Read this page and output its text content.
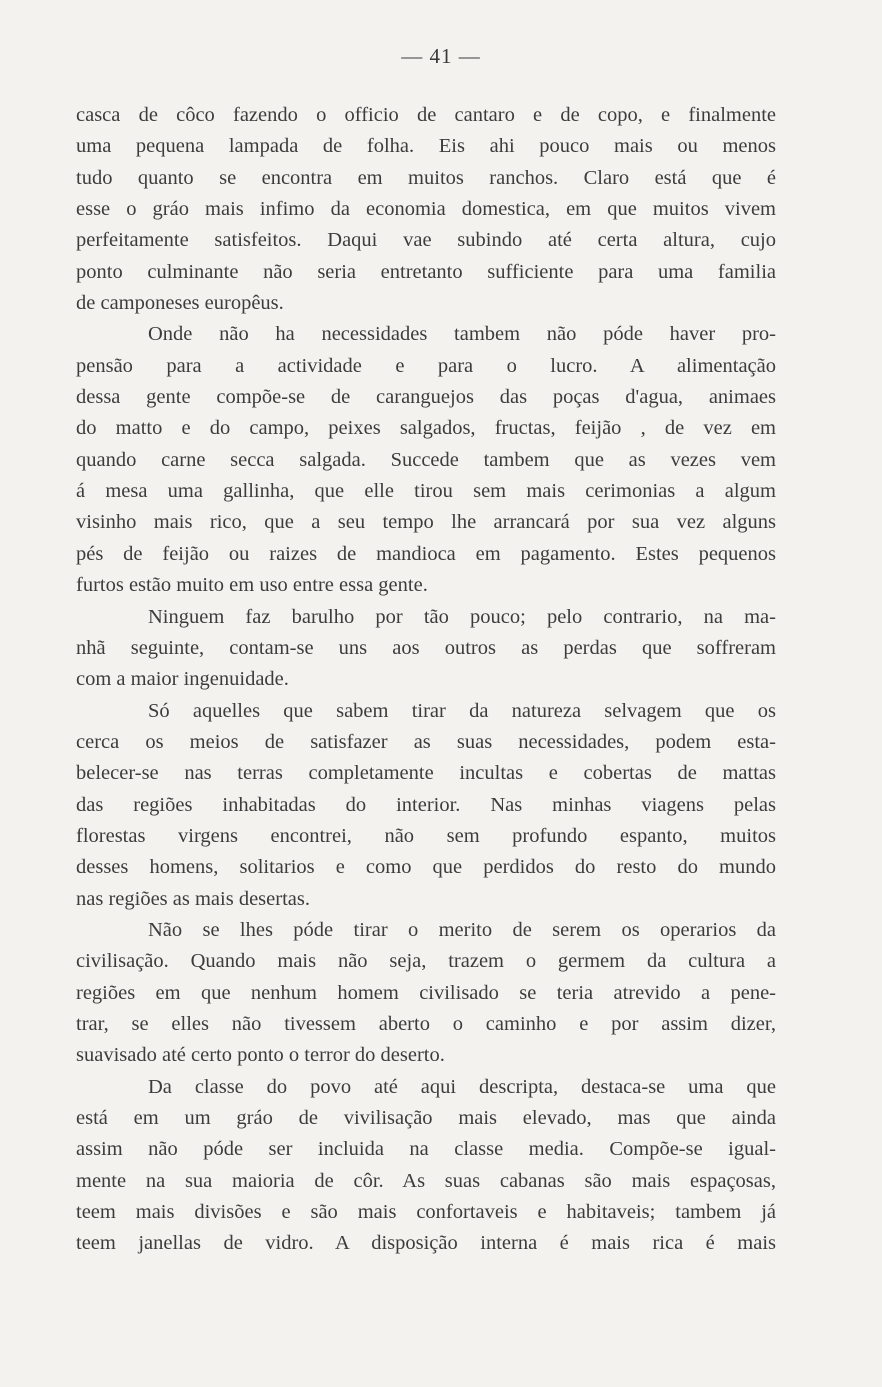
— 41 —
casca de côco fazendo o officio de cantaro e de copo, e finalmente
uma pequena lampada de folha. Eis ahi pouco mais ou menos
tudo quanto se encontra em muitos ranchos. Claro está que é
esse o gráo mais infimo da economia domestica, em que muitos vivem
perfeitamente satisfeitos. Daqui vae subindo até certa altura, cujo
ponto culminante não seria entretanto sufficiente para uma familia
de camponeses europêus.
Onde não ha necessidades tambem não póde haver pro-
pensão para a actividade e para o lucro. A alimentação
dessa gente compõe-se de caranguejos das poças d'agua, animaes
do matto e do campo, peixes salgados, fructas, feijão , de vez em
quando carne secca salgada. Succede tambem que as vezes vem
á mesa uma gallinha, que elle tirou sem mais cerimonias a algum
visinho mais rico, que a seu tempo lhe arrancará por sua vez alguns
pés de feijão ou raizes de mandioca em pagamento. Estes pequenos
furtos estão muito em uso entre essa gente.
Ninguem faz barulho por tão pouco; pelo contrario, na ma-
nhã seguinte, contam-se uns aos outros as perdas que soffreram
com a maior ingenuidade.
Só aquelles que sabem tirar da natureza selvagem que os
cerca os meios de satisfazer as suas necessidades, podem esta-
belecer-se nas terras completamente incultas e cobertas de mattas
das regiões inhabitadas do interior. Nas minhas viagens pelas
florestas virgens encontrei, não sem profundo espanto, muitos
desses homens, solitarios e como que perdidos do resto do mundo
nas regiões as mais desertas.
Não se lhes póde tirar o merito de serem os operarios da
civilisação. Quando mais não seja, trazem o germem da cultura a
regiões em que nenhum homem civilisado se teria atrevido a pene-
trar, se elles não tivessem aberto o caminho e por assim dizer,
suavisado até certo ponto o terror do deserto.
Da classe do povo até aqui descripta, destaca-se uma que
está em um gráo de vivilisação mais elevado, mas que ainda
assim não póde ser incluida na classe media. Compõe-se igual-
mente na sua maioria de côr. As suas cabanas são mais espaçosas,
teem mais divisões e são mais confortaveis e habitaveis; tambem já
teem janellas de vidro. A disposição interna é mais rica é mais
